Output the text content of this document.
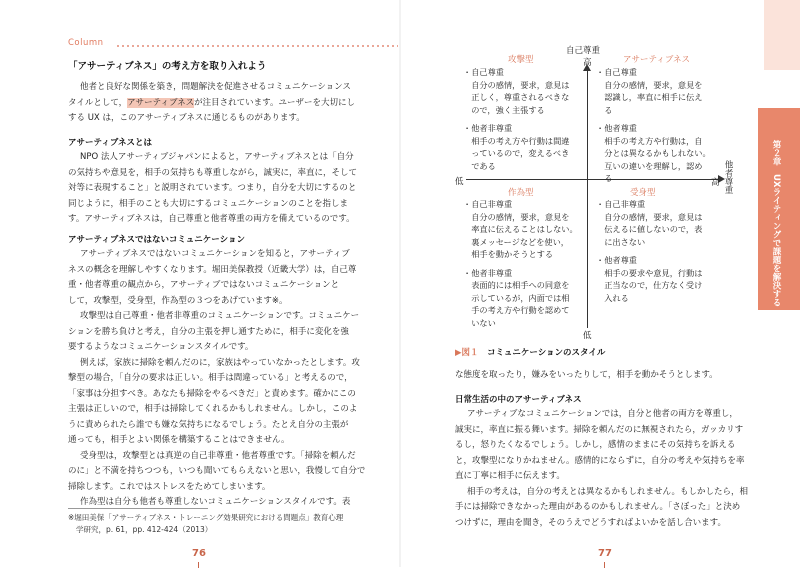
Column
「アサーティブネス」の考え方を取り入れよう
他者と良好な関係を築き，問題解決を促進させるコミュニケーションス
タイルとして，アサーティブネスが注目されています。ユーザーを大切にし
する UX は，このアサーティブネスに通じるものがあります。
アサーティブネスとは
NPO 法人アサーティブジャパンによると，アサーティブネスとは「自分
の気持ちや意見を，相手の気持ちも尊重しながら，誠実に，率直に，そして
対等に表現すること」と説明されています。つまり，自分を大切にするのと
同じように，相手のことも大切にするコミュニケーションのことを指しま
す。アサーティブネスは，自己尊重と他者尊重の両方を備えているのです。
アサーティブネスではないコミュニケーション
アサーティブネスではないコミュニケーションを知ると，アサーティブ
ネスの概念を理解しやすくなります。堀田美保教授（近畿大学）は，自己尊
重・他者尊重の観点から，アサーティブではないコミュニケーションと
して，攻撃型，受身型，作為型の３つをあげています※。
攻撃型は自己尊重・他者非尊重のコミュニケーションです。コミュニケー
ションを勝ち負けと考え，自分の主張を押し通すために，相手に変化を強
要するようなコミュニケーションスタイルです。
例えば，家族に掃除を頼んだのに，家族はやっていなかったとします。攻
撃型の場合，「自分の要求は正しい。相手は間違っている」と考えるので，
「家事は分担すべき。あなたも掃除をやるべきだ」と責めます。確かにこの
主張は正しいので，相手は掃除してくれるかもしれません。しかし，このよ
うに責められたら誰でも嫌な気持ちになるでしょう。たとえ自分の主張が
通っても，相手とよい関係を構築することはできません。
受身型は，攻撃型とは真逆の自己非尊重・他者尊重です。「掃除を頼んだ
のに」と不満を持ちつつも，いつも聞いてもらえないと思い，我慢して自分で
掃除します。これではストレスをためてしまいます。
作為型は自分も他者も尊重しないコミュニケーションスタイルです。表
※堀田美保「アサーティブネス・トレーニング効果研究における問題点」教育心理
学研究，p. 61，pp. 412-424（2013）
76
自己尊重
高
低	高 他者尊重
低
攻撃型	アサーティブネス
作為型	受身型
・自己尊重
　自分の感情，要求，意見は
　正しく，尊重されるべきな
　ので，強く主張する
・他者非尊重
　相手の考え方や行動は間違
　っているので，変えるべき
　である
・自己尊重
　自分の感情，要求，意見を
　認識し，率直に相手に伝え
　る
・他者尊重
　相手の考え方や行動は，自
　分とは異なるかもしれない。
　互いの違いを理解し，認め
　る
・自己非尊重
　自分の感情，要求，意見を
　率直に伝えることはしない。
　裏メッセージなどを使い，
　相手を動かそうとする
・他者非尊重
　表面的には相手への同意を
　示しているが，内面では相
　手の考え方や行動を認めて
　いない
・自己非尊重
　自分の感情，要求，意見は
　伝えるに値しないので，表
　に出さない
・他者尊重
　相手の要求や意見，行動は
　正当なので，仕方なく受け
　入れる
▶図１　 コミュニケーションのスタイル
な態度を取ったり，嫌みをいったりして，相手を動かそうとします。
日常生活の中のアサーティブネス
アサーティブなコミュニケーションでは，自分と他者の両方を尊重し，
誠実に，率直に振る舞います。掃除を頼んだのに無視されたら，ガッカリす
るし，怒りたくなるでしょう。しかし，感情のままにその気持ちを訴える
と，攻撃型になりかねません。感情的にならずに，自分の考えや気持ちを率
直に丁寧に相手に伝えます。
相手の考えは，自分の考えとは異なるかもしれません。もしかしたら，相
手には掃除できなかった理由があるのかもしれません。「さぼった」と決め
つけずに，理由を聞き，そのうえでどうすればよいかを話し合います。
77
第２章　UXライティングで課題を解決する
